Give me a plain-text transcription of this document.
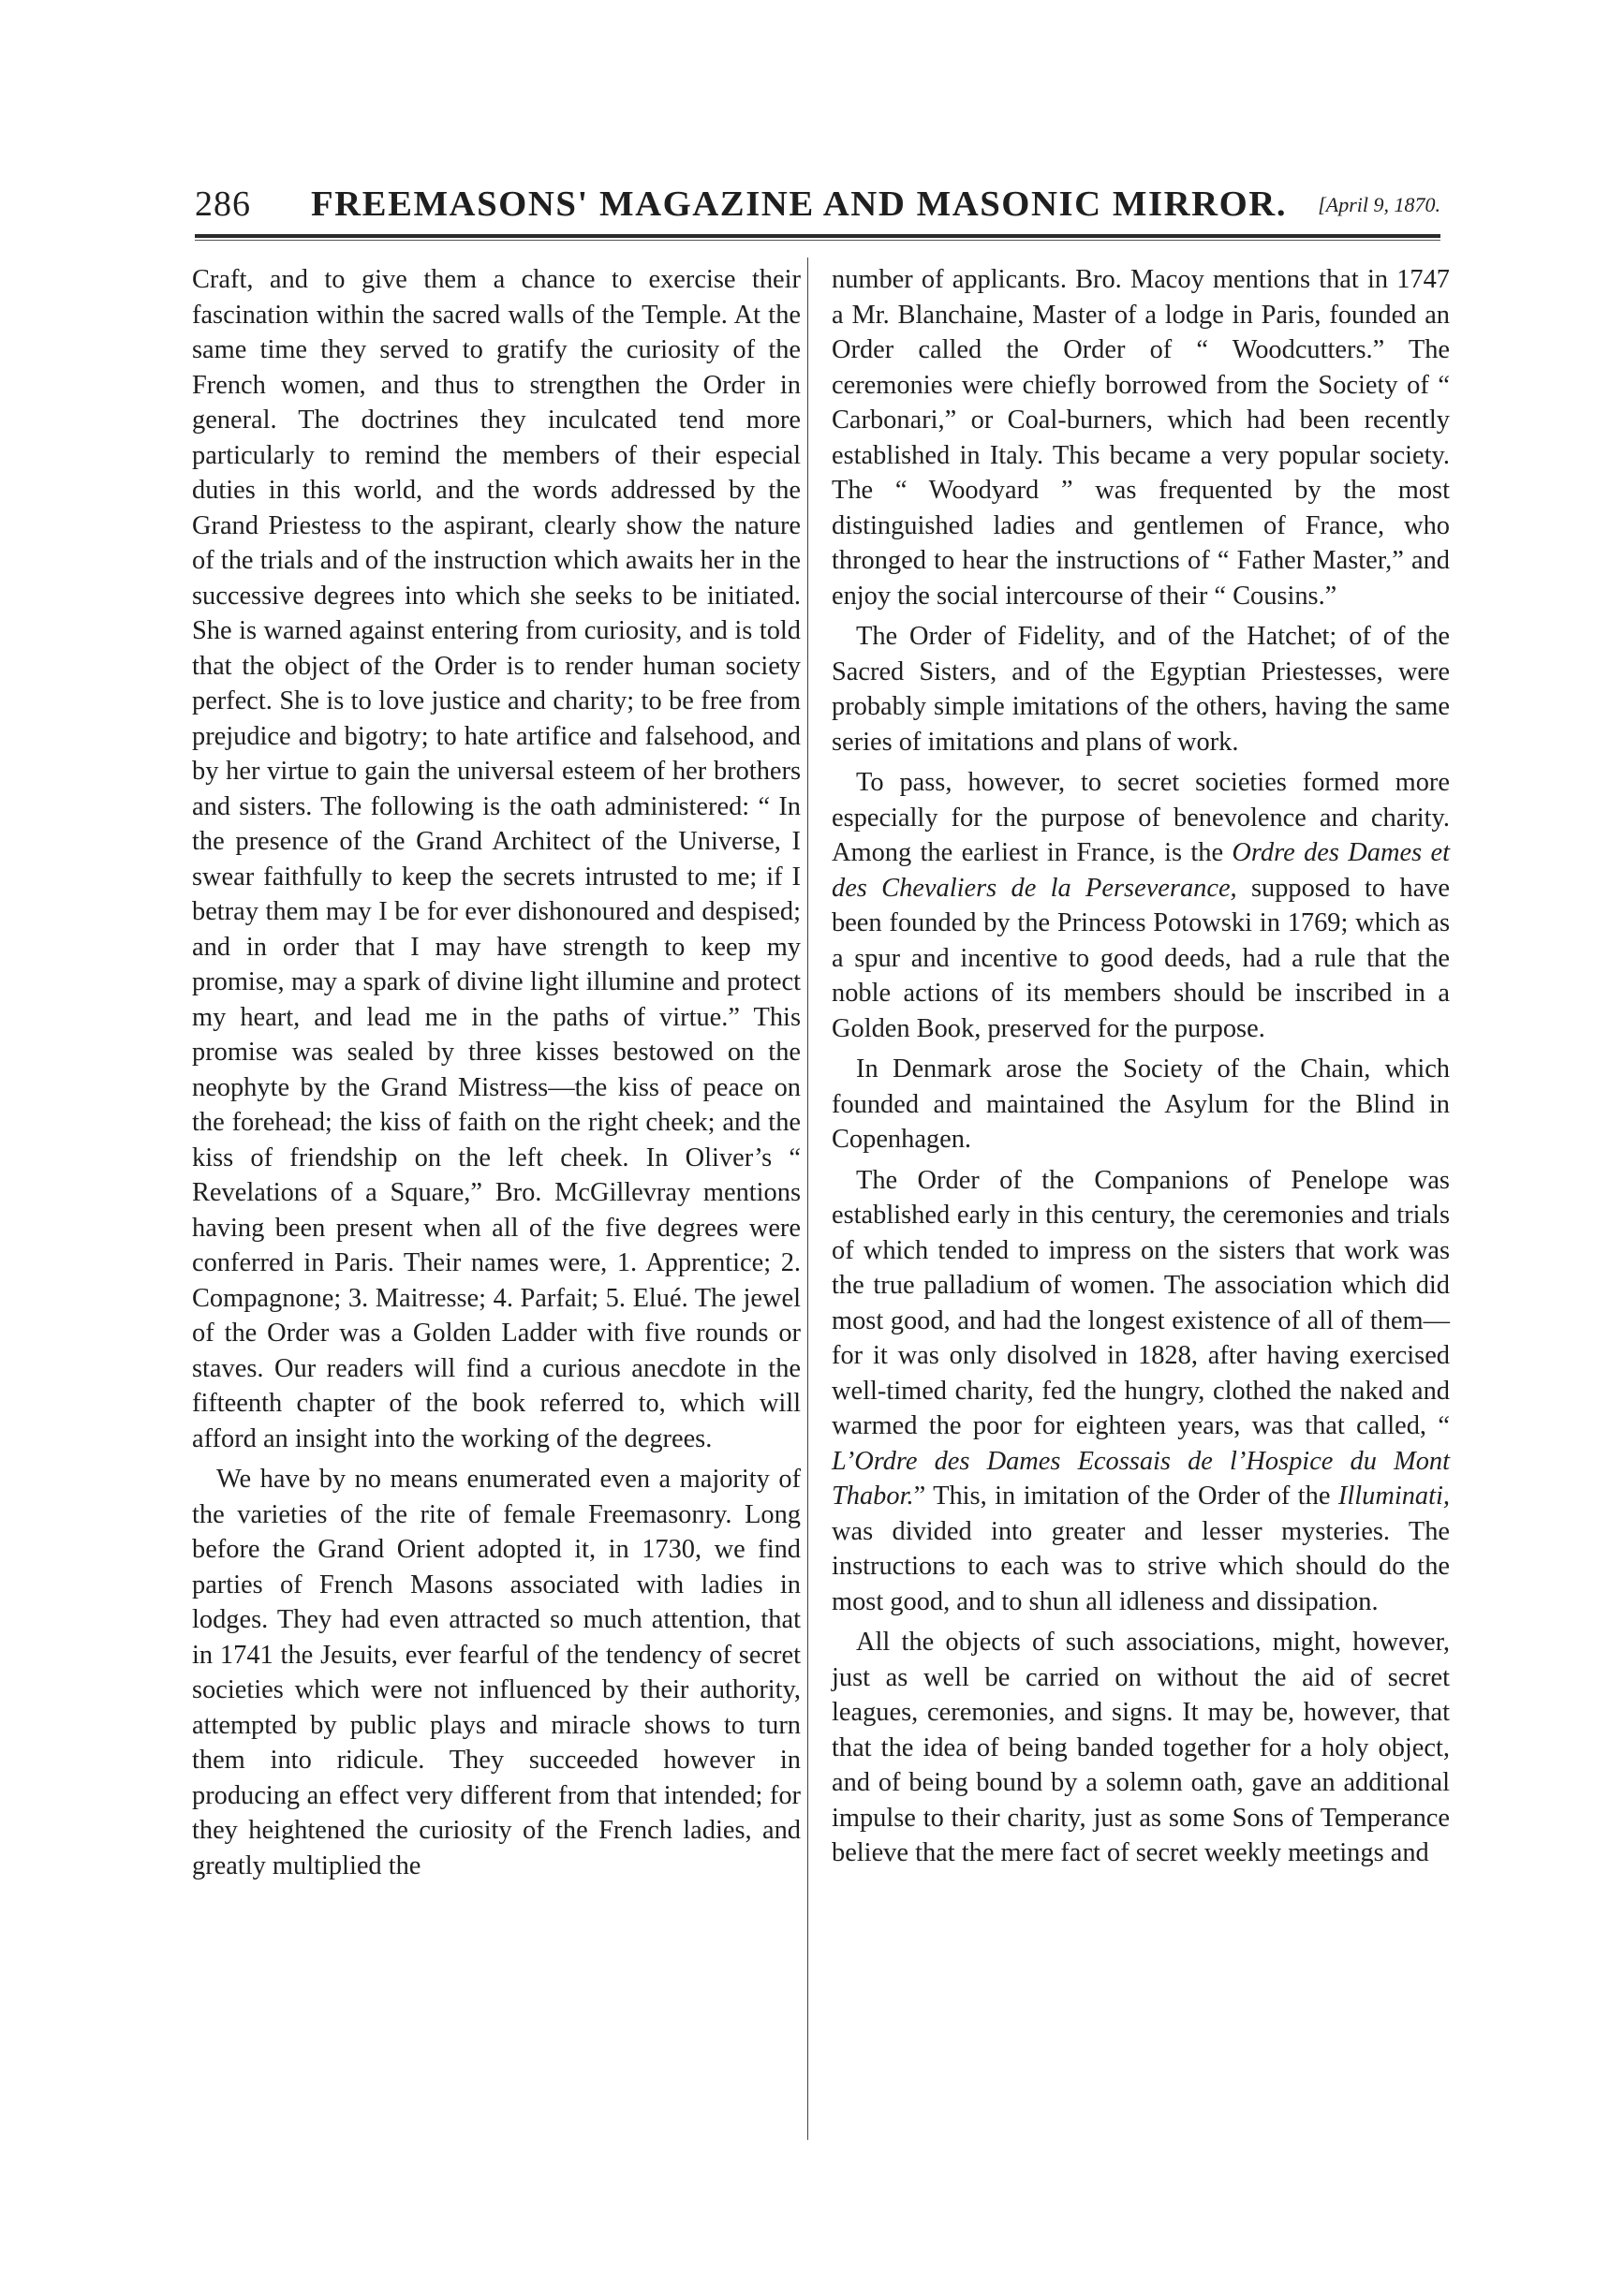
286	FREEMASONS' MAGAZINE AND MASONIC MIRROR.	[April 9, 1870.

Craft, and to give them a chance to exercise their fascination within the sacred walls of the Temple. At the same time they served to gratify the curiosity of the French women, and thus to strengthen the Order in general. The doctrines they inculcated tend more particularly to remind the members of their especial duties in this world, and the words addressed by the Grand Priestess to the aspirant, clearly show the nature of the trials and of the instruction which awaits her in the successive degrees into which she seeks to be initiated. She is warned against entering from curiosity, and is told that the object of the Order is to render human society perfect. She is to love justice and charity; to be free from prejudice and bigotry; to hate artifice and falsehood, and by her virtue to gain the universal esteem of her brothers and sisters. The following is the oath administered: “ In the presence of the Grand Architect of the Universe, I swear faithfully to keep the secrets intrusted to me; if I betray them may I be for ever dishonoured and despised; and in order that I may have strength to keep my promise, may a spark of divine light illumine and protect my heart, and lead me in the paths of virtue.” This promise was sealed by three kisses bestowed on the neophyte by the Grand Mistress—the kiss of peace on the forehead; the kiss of faith on the right cheek; and the kiss of friendship on the left cheek. In Oliver’s “ Revelations of a Square,” Bro. McGillevray mentions having been present when all of the five degrees were conferred in Paris. Their names were, 1. Apprentice; 2. Compagnone; 3. Maitresse; 4. Parfait; 5. Elué. The jewel of the Order was a Golden Ladder with five rounds or staves. Our readers will find a curious anecdote in the fifteenth chapter of the book referred to, which will afford an insight into the working of the degrees.

We have by no means enumerated even a majority of the varieties of the rite of female Freemasonry. Long before the Grand Orient adopted it, in 1730, we find parties of French Masons associated with ladies in lodges. They had even attracted so much attention, that in 1741 the Jesuits, ever fearful of the tendency of secret societies which were not influenced by their authority, attempted by public plays and miracle shows to turn them into ridicule. They succeeded however in producing an effect very different from that intended; for they heightened the curiosity of the French ladies, and greatly multiplied the

number of applicants. Bro. Macoy mentions that in 1747 a Mr. Blanchaine, Master of a lodge in Paris, founded an Order called the Order of “ Woodcutters.” The ceremonies were chiefly borrowed from the Society of “ Carbonari,” or Coal-burners, which had been recently established in Italy. This became a very popular society. The “ Woodyard ” was frequented by the most distinguished ladies and gentlemen of France, who thronged to hear the instructions of “ Father Master,” and enjoy the social intercourse of their “ Cousins.”

The Order of Fidelity, and of the Hatchet; of of the Sacred Sisters, and of the Egyptian Priestesses, were probably simple imitations of the others, having the same series of imitations and plans of work.

To pass, however, to secret societies formed more especially for the purpose of benevolence and charity. Among the earliest in France, is the Ordre des Dames et des Chevaliers de la Perseverance, supposed to have been founded by the Princess Potowski in 1769; which as a spur and incentive to good deeds, had a rule that the noble actions of its members should be inscribed in a Golden Book, preserved for the purpose.

In Denmark arose the Society of the Chain, which founded and maintained the Asylum for the Blind in Copenhagen.

The Order of the Companions of Penelope was established early in this century, the ceremonies and trials of which tended to impress on the sisters that work was the true palladium of women. The association which did most good, and had the longest existence of all of them—for it was only disolved in 1828, after having exercised well-timed charity, fed the hungry, clothed the naked and warmed the poor for eighteen years, was that called, “ L’Ordre des Dames Ecossais de l’Hospice du Mont Thabor.” This, in imitation of the Order of the Illuminati, was divided into greater and lesser mysteries. The instructions to each was to strive which should do the most good, and to shun all idleness and dissipation.

All the objects of such associations, might, however, just as well be carried on without the aid of secret leagues, ceremonies, and signs. It may be, however, that that the idea of being banded together for a holy object, and of being bound by a solemn oath, gave an additional impulse to their charity, just as some Sons of Temperance believe that the mere fact of secret weekly meetings and
